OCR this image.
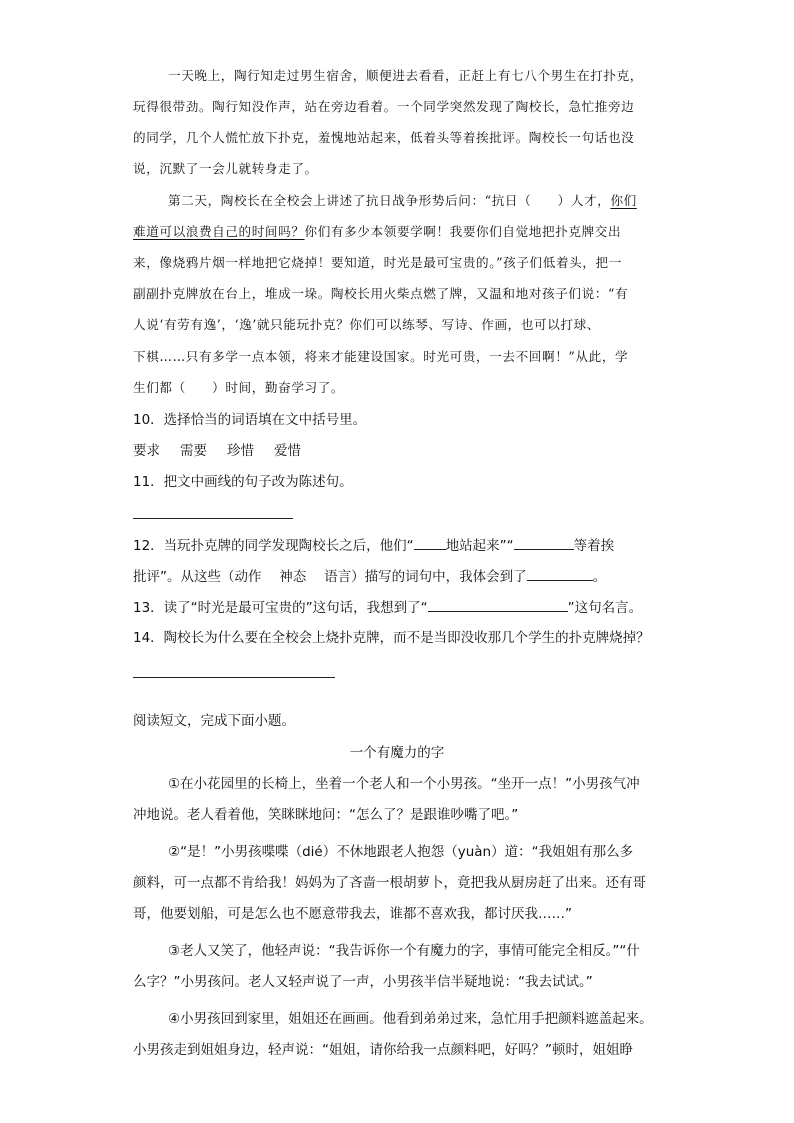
一天晚上，陶行知走过男生宿舍，顺便进去看看，正赶上有七八个男生在打扑克，
玩得很带劲。陶行知没作声，站在旁边看着。一个同学突然发现了陶校长，急忙推旁边
的同学，几个人慌忙放下扑克，羞愧地站起来，低着头等着挨批评。陶校长一句话也没
说，沉默了一会儿就转身走了。
第二天，陶校长在全校会上讲述了抗日战争形势后问：“抗日（　　）人才，你们
难道可以浪费自己的时间吗？你们有多少本领要学啊！我要你们自觉地把扑克牌交出
来，像烧鸦片烟一样地把它烧掉！要知道，时光是最可宝贵的。”孩子们低着头，把一
副副扑克牌放在台上，堆成一垛。陶校长用火柴点燃了牌，又温和地对孩子们说：“有
人说‘有劳有逸’，‘逸’就只能玩扑克？你们可以练琴、写诗、作画，也可以打球、
下棋……只有多学一点本领，将来才能建设国家。时光可贵，一去不回啊！”从此，学
生们都（　　）时间，勤奋学习了。
10．选择恰当的词语填在文中括号里。
要求 需要 珍惜 爱惜
11．把文中画线的句子改为陈述句。
12．当玩扑克牌的同学发现陶校长之后，他们“ 地站起来”“	等着挨
批评”。从这些（动作　 神态　 语言）描写的词句中，我体会到了	。
13．读了“时光是最可宝贵的”这句话，我想到了“	”这句名言。
14．陶校长为什么要在全校会上烧扑克牌，而不是当即没收那几个学生的扑克牌烧掉？
阅读短文，完成下面小题。
一个有魔力的字
①在小花园里的长椅上，坐着一个老人和一个小男孩。“坐开一点！”小男孩气冲
冲地说。老人看着他，笑眯眯地问：“怎么了？是跟谁吵嘴了吧。”
②“是！”小男孩喋喋（dié）不休地跟老人抱怨（yuàn）道：“我姐姐有那么多
颜料，可一点都不肯给我！妈妈为了吝啬一根胡萝卜，竟把我从厨房赶了出来。还有哥
哥，他要划船，可是怎么也不愿意带我去，谁都不喜欢我，都讨厌我……”
③老人又笑了，他轻声说：“我告诉你一个有魔力的字，事情可能完全相反。”“什
么字？”小男孩问。老人又轻声说了一声，小男孩半信半疑地说：“我去试试。”
④小男孩回到家里，姐姐还在画画。他看到弟弟过来，急忙用手把颜料遮盖起来。
小男孩走到姐姐身边，轻声说：“姐姐，请你给我一点颜料吧，好吗？”顿时，姐姐睁
